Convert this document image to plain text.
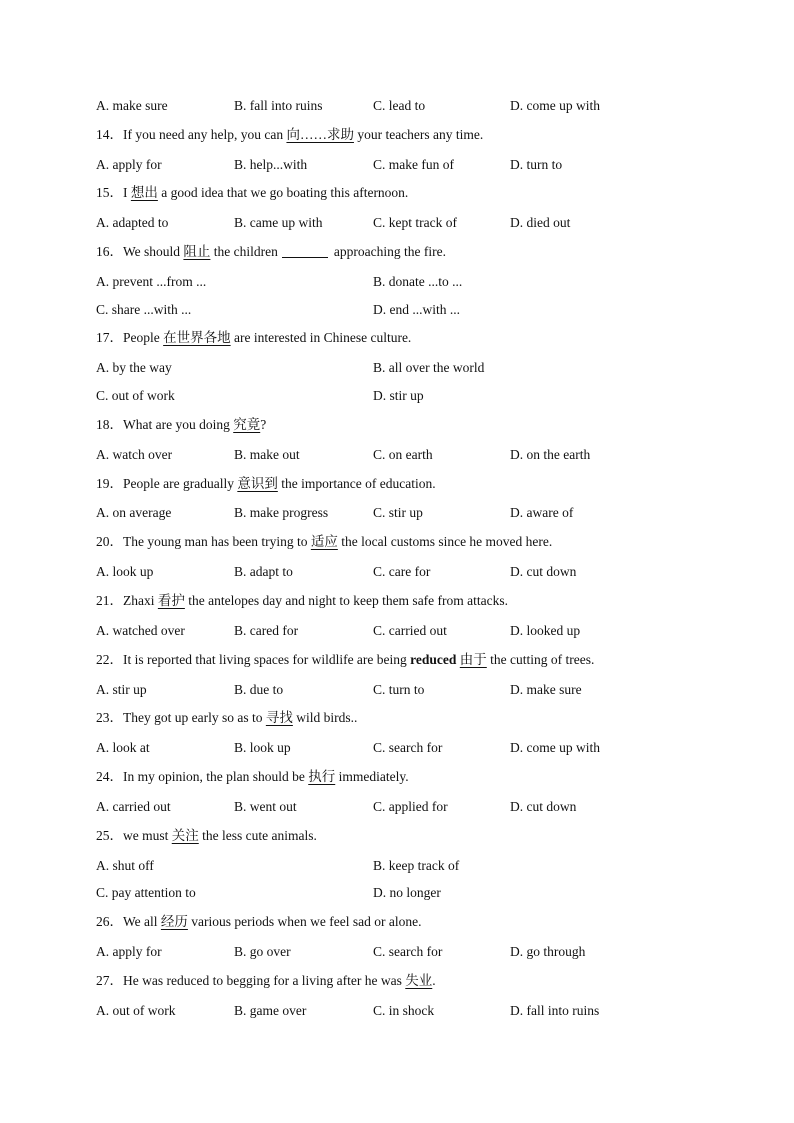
A. make sure	B. fall into ruins	C. lead to	D. come up with
14．If you need any help, you can 向……求助 your teachers any time.
A. apply for	B. help...with	C. make fun of	D. turn to
15．I 想出 a good idea that we go boating this afternoon.
A. adapted to	B. came up with	C. kept track of	D. died out
16．We should 阻止 the children	approaching the fire.
A. prevent ...from ...	B. donate ...to ...
C. share ...with ...	D. end ...with ...
17．People 在世界各地 are interested in Chinese culture.
A. by the way	B. all over the world
C. out of work	D. stir up
18．What are you doing 究竟?
A. watch over	B. make out	C. on earth	D. on the earth
19．People are gradually 意识到 the importance of education.
A. on average	B. make progress	C. stir up	D. aware of
20．The young man has been trying to 适应 the local customs since he moved here.
A. look up	B. adapt to	C. care for	D. cut down
21．Zhaxi 看护 the antelopes day and night to keep them safe from attacks.
A. watched over	B. cared for	C. carried out	D. looked up
22．It is reported that living spaces for wildlife are being reduced 由于 the cutting of trees.
A. stir up	B. due to	C. turn to	D. make sure
23．They got up early so as to 寻找 wild birds..
A. look at	B. look up	C. search for	D. come up with
24．In my opinion, the plan should be 执行 immediately.
A. carried out	B. went out	C. applied for	D. cut down
25．we must 关注 the less cute animals.
A. shut off	B. keep track of
C. pay attention to	D. no longer
26．We all 经历 various periods when we feel sad or alone.
A. apply for	B. go over	C. search for	D. go through
27．He was reduced to begging for a living after he was 失业.
A. out of work	B. game over	C. in shock	D. fall into ruins
